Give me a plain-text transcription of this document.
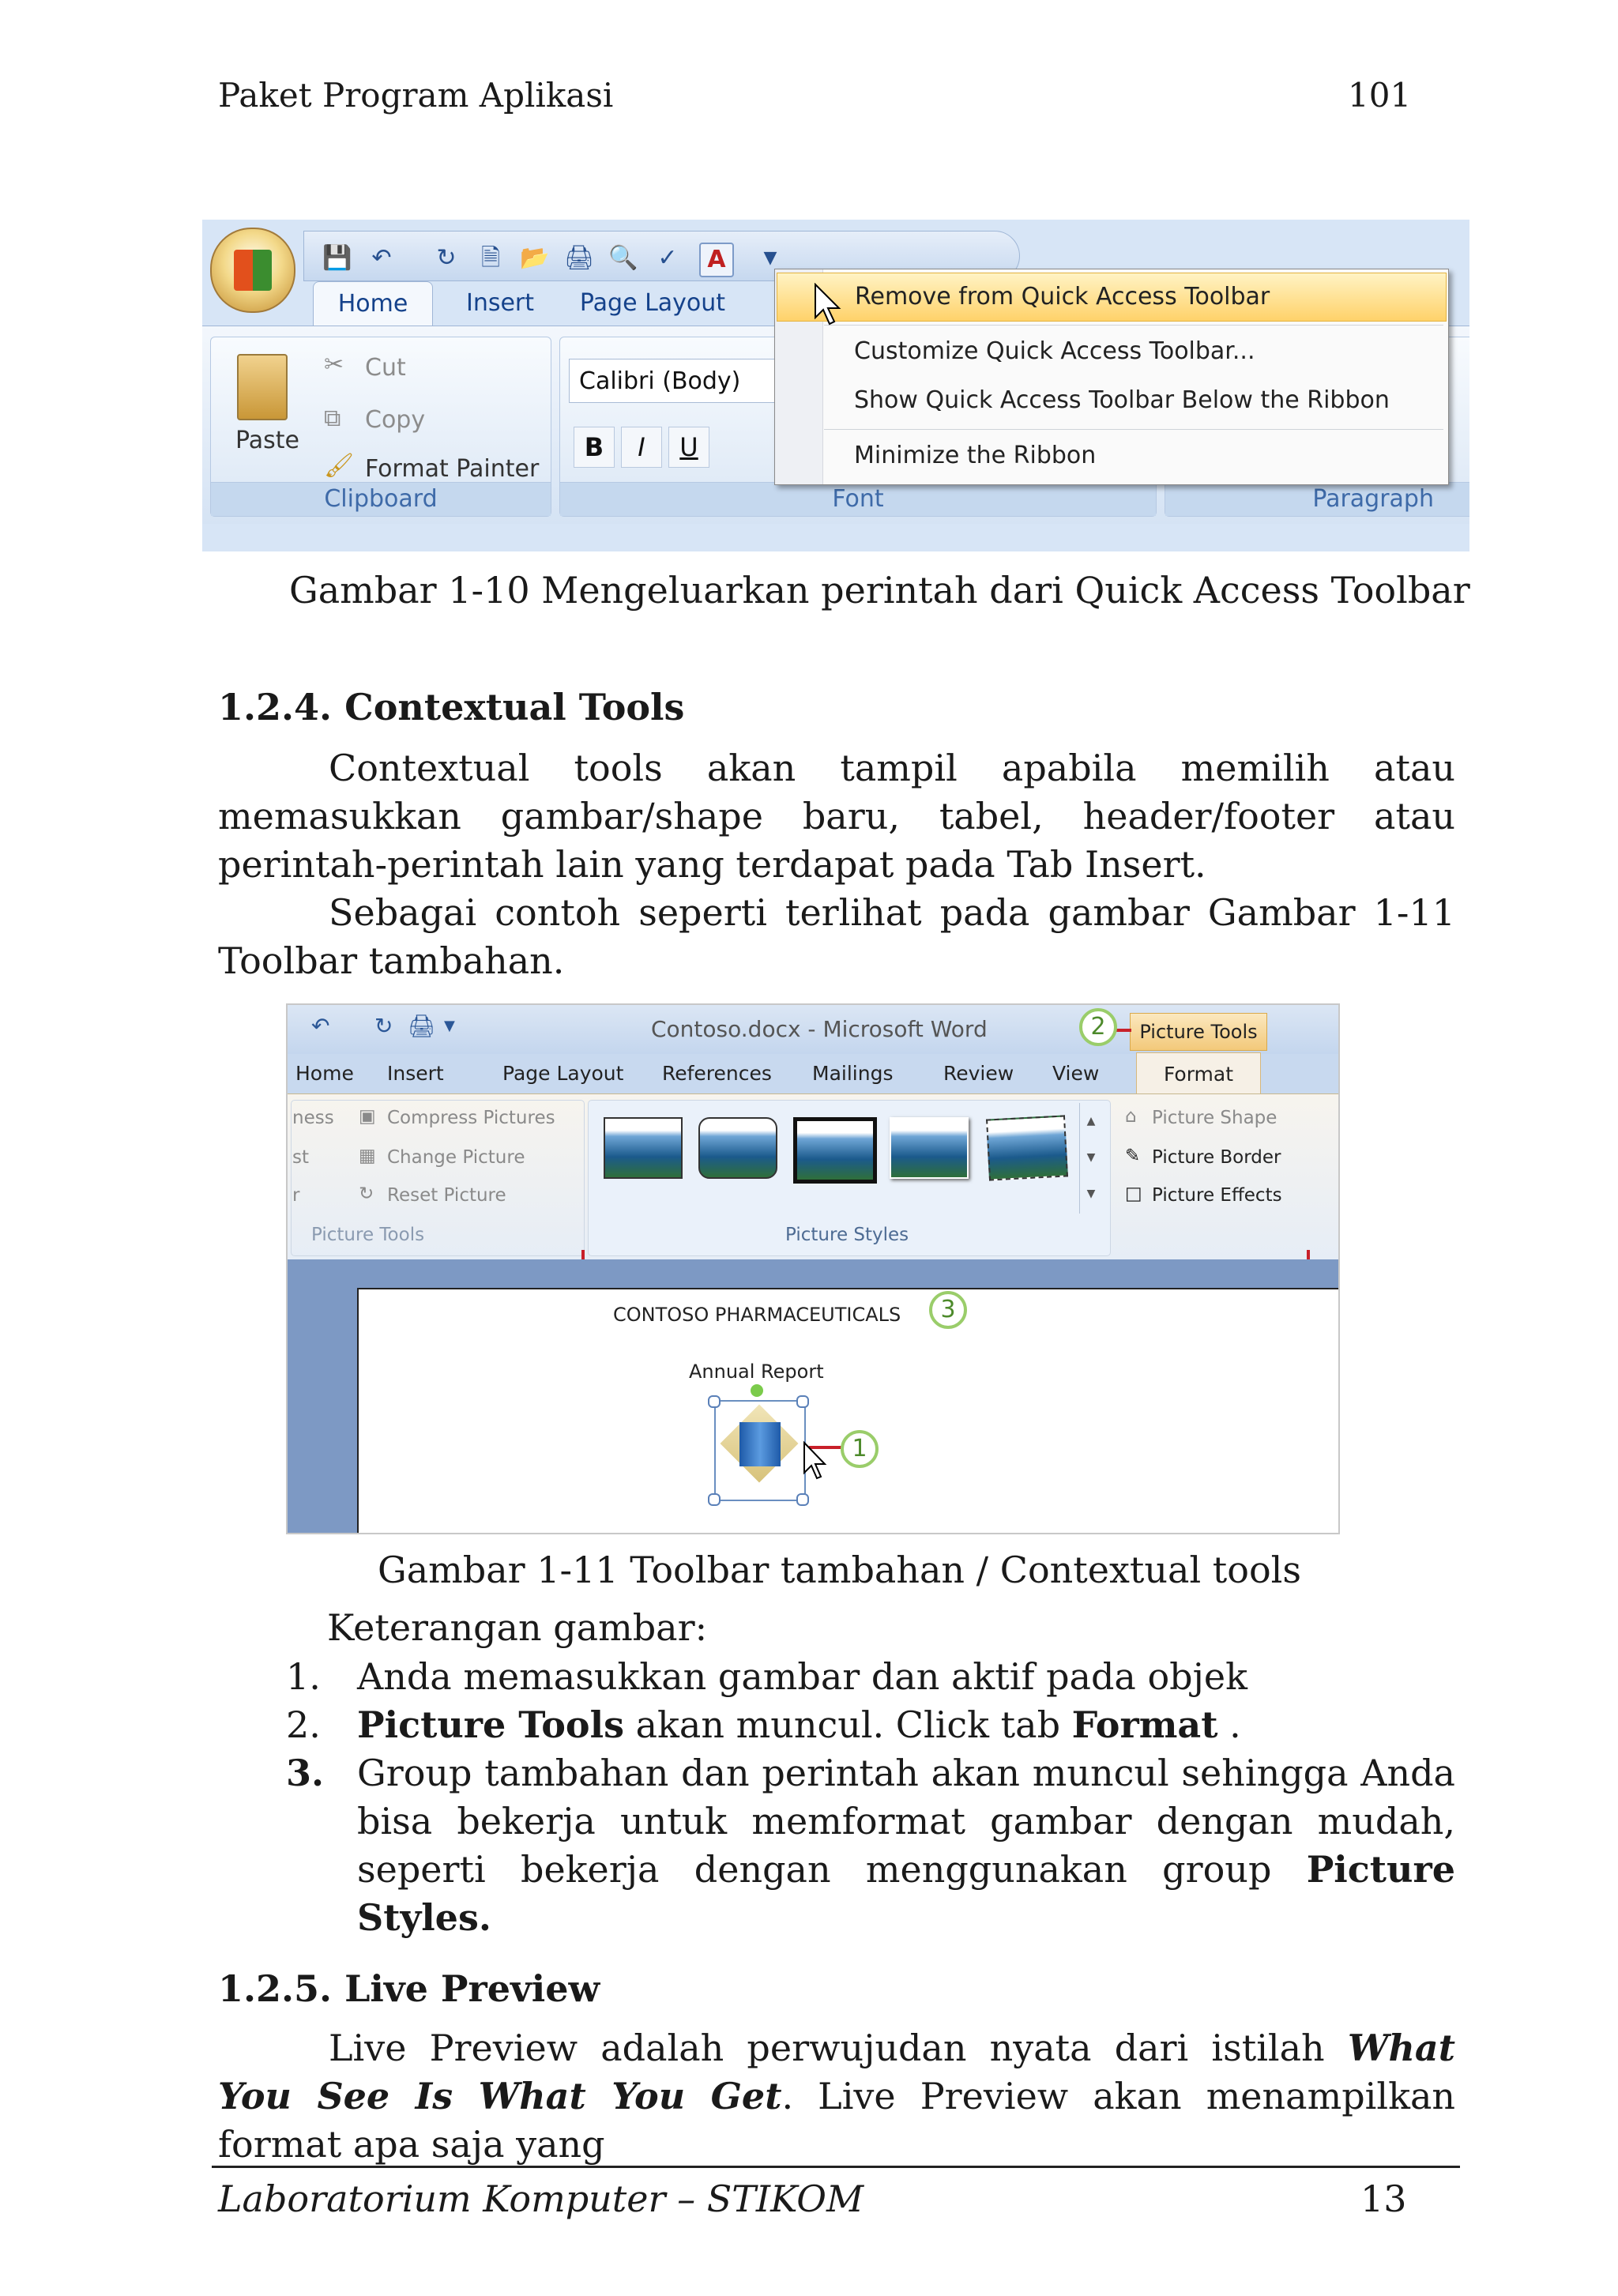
Paket Program Aplikasi	101
💾 ↶ ↻ 🗎 📂 🖨 🔍 ✓	A	▼
Home	Insert	Page Layout
Clipboard
Paste
✂ Cut
⧉ Copy
🖌 Format Painter
Font
Calibri (Body)
B	I	U
Paragraph
Remove from Quick Access Toolbar
Customize Quick Access Toolbar...
Show Quick Access Toolbar Below the Ribbon
Minimize the Ribbon
Gambar 1-10 Mengeluarkan perintah dari Quick Access Toolbar
1.2.4. Contextual Tools
Contextual tools akan tampil apabila memilih atau memasukkan gambar/shape baru, tabel, header/footer atau perintah-perintah lain yang terdapat pada Tab Insert.
Sebagai contoh seperti terlihat pada gambar Gambar 1-11 Toolbar tambahan.
↶ ↻ 🖨 ▼	Contoso.docx - Microsoft Word	Picture Tools
Home Insert	Page Layout References Mailings	Review View	Format
ness
st
r
▣ Compress Pictures
▦ Change Picture
↻ Reset Picture
Picture Tools
▲
▼
▼
Picture Styles
⌂ Picture Shape
✎ Picture Border
□ Picture Effects
CONTOSO PHARMACEUTICALS
Annual Report
2
3
1
Gambar 1-11 Toolbar tambahan / Contextual tools
Keterangan gambar:
1. Anda memasukkan gambar dan aktif pada objek
2. Picture Tools akan muncul. Click tab Format .
3. Group tambahan dan perintah akan muncul sehingga Anda bisa bekerja untuk memformat gambar dengan mudah, seperti bekerja dengan menggunakan group Picture Styles.
1.2.5. Live Preview
Live Preview adalah perwujudan nyata dari istilah What You See Is What You Get. Live Preview akan menampilkan format apa saja yang
Laboratorium Komputer – STIKOM	13
